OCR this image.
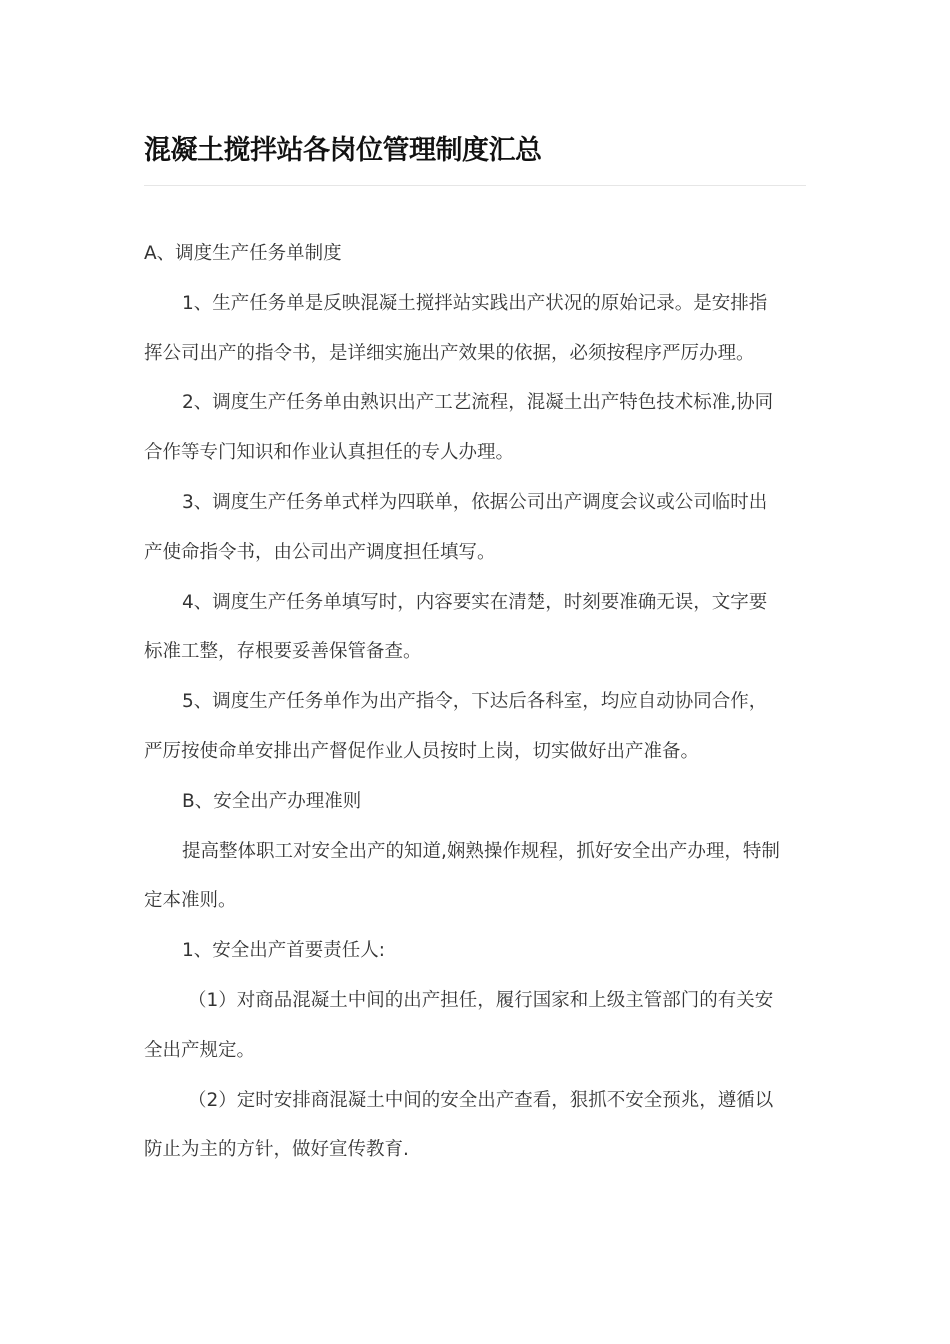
混凝土搅拌站各岗位管理制度汇总

A、调度生产任务单制度

1、生产任务单是反映混凝土搅拌站实践出产状况的原始记录。是安排指
挥公司出产的指令书，是详细实施出产效果的依据，必须按程序严厉办理。

2、调度生产任务单由熟识出产工艺流程，混凝土出产特色技术标准,协同
合作等专门知识和作业认真担任的专人办理。

3、调度生产任务单式样为四联单，依据公司出产调度会议或公司临时出
产使命指令书，由公司出产调度担任填写。

4、调度生产任务单填写时，内容要实在清楚，时刻要准确无误，文字要
标准工整，存根要妥善保管备查。

5、调度生产任务单作为出产指令，下达后各科室，均应自动协同合作，
严厉按使命单安排出产督促作业人员按时上岗，切实做好出产准备。

B、安全出产办理准则

提高整体职工对安全出产的知道,娴熟操作规程，抓好安全出产办理，特制
定本准则。

1、安全出产首要责任人:

（1）对商品混凝土中间的出产担任，履行国家和上级主管部门的有关安
全出产规定。

（2）定时安排商混凝土中间的安全出产查看，狠抓不安全预兆，遵循以
防止为主的方针，做好宣传教育.
